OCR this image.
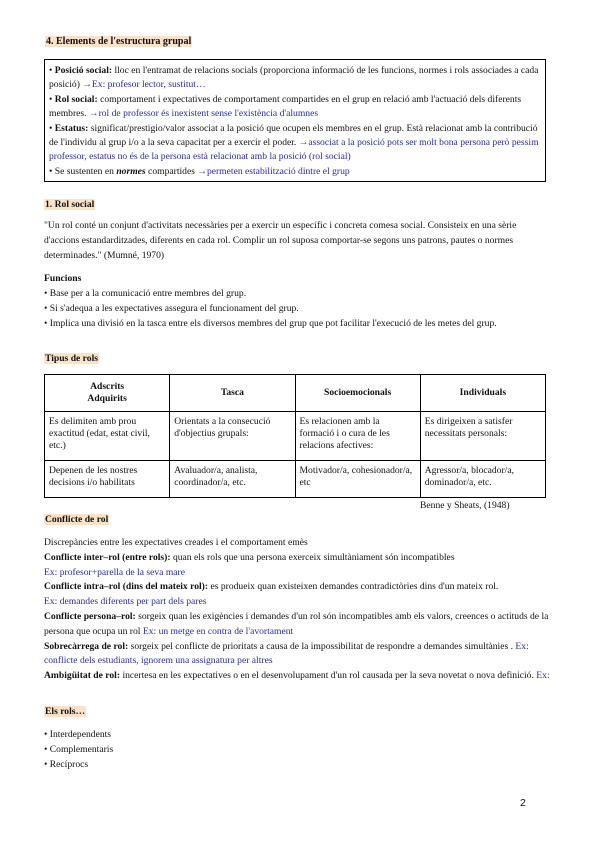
4. Elements de l'estructura grupal

• Posició social: lloc en l'entramat de relacions socials (proporciona informació de les funcions, normes i rols associades a cada posició) →Ex: profesor lector, sustitut…

• Rol social: comportament i expectatives de comportament compartides en el grup en relació amb l'actuació dels diferents membres. →rol de professor és inexistent sense l'existència d'alumnes

• Estatus: significat/prestigio/valor associat a la posició que ocupen els membres en el grup. Està relacionat amb la contribució de l'individu al grup i/o a la seva capacitat per a exercir el poder. →associat a la posició pots ser molt bona persona però pessim professor, estatus no és de la persona està relacionat amb la posició (rol social)

• Se sustenten en normes compartides →permeten estabilització dintre el grup

1. Rol social
"Un rol conté un conjunt d'activitats necessàries per a exercir un específic i concreta comesa social. Consisteix en una sèrie d'accions estandarditzades, diferents en cada rol. Complir un rol suposa comportar-se segons uns patrons, pautes o normes determinades." (Mumné, 1970)
Funcions

• Base per a la comunicació entre membres del grup.

• Si s'adequa a les expectatives assegura el funcionament del grup.

• Implica una divisió en la tasca entre els diversos membres del grup que pot facilitar l'execució de les metes del grup.

Tipus de rols
Adscrits
Adquirits	Tasca	Socioemocionals	Individuals
Es delimiten amb prou exactitud (edat, estat civil, etc.)	Orientats a la consecució d'objectius grupals:	Es relacionen amb la formació i o cura de les relacions afectives:	Es dirigeixen a satisfer necessitats personals:
Depenen de les nostres decisions i/o habilitats	Avaluador/a, analista, coordinador/a, etc.	Motivador/a, cohesionador/a, etc	Agressor/a, blocador/a, dominador/a, etc.
Benne y Sheats, (1948)
Conflicte de rol

Discrepàncies entre les expectatives creades i el comportament emès

Conflicte inter–rol (entre rols): quan els rols que una persona exerceix simultàniament són incompatibles
Ex: profesor+parella de la seva mare

Conflicte intra–rol (dins del mateix rol): es produeix quan existeixen demandes contradictòries dins d'un mateix rol.
Ex: demandes diferents per part dels pares

Conflicte persona–rol: sorgeix quan les exigències i demandes d'un rol són incompatibles amb els valors, creences o actituds de la persona que ocupa un rol Ex: un metge en contra de l'avortament

Sobrecàrrega de rol: sorgeix pel conflicte de prioritats a causa de la impossibilitat de respondre a demandes simultànies . Ex: conflicte dels estudiants, ignorem una assignatura per altres

Ambigüitat de rol: incertesa en les expectatives o en el desenvolupament d'un rol causada per la seva novetat o nova definició. Ex:

Els rols…

• Interdependents

• Complementaris

• Recíprocs

2
